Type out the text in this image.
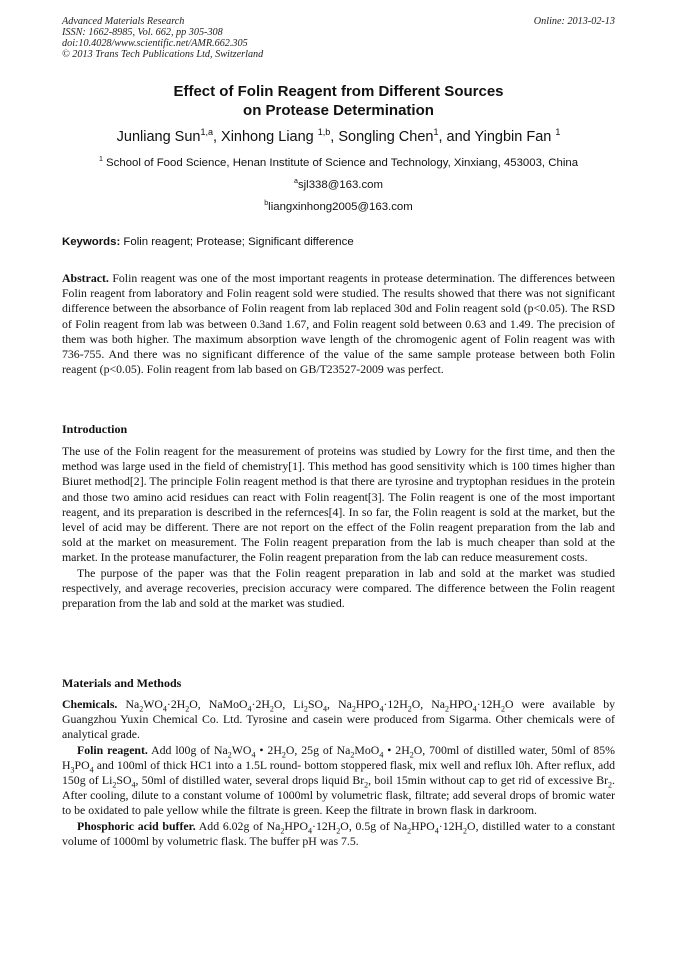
Advanced Materials Research
ISSN: 1662-8985, Vol. 662, pp 305-308
doi:10.4028/www.scientific.net/AMR.662.305
© 2013 Trans Tech Publications Ltd, Switzerland
Online: 2013-02-13
Effect of Folin Reagent from Different Sources
on Protease Determination
Junliang Sun$^{1,a}$, Xinhong Liang $^{1,b}$, Songling Chen$^1$, and Yingbin Fan $^1$
$^1$ School of Food Science, Henan Institute of Science and Technology, Xinxiang, 453003, China
$^a$sjl338@163.com
$^b$liangxinhong2005@163.com
Keywords: Folin reagent; Protease; Significant difference
Abstract. Folin reagent was one of the most important reagents in protease determination. The differences between Folin reagent from laboratory and Folin reagent sold were studied. The results showed that there was not significant difference between the absorbance of Folin reagent from lab replaced 30d and Folin reagent sold (p<0.05). The RSD of Folin reagent from lab was between 0.3and 1.67, and Folin reagent sold between 0.63 and 1.49. The precision of them was both higher. The maximum absorption wave length of the chromogenic agent of Folin reagent was with 736-755. And there was no significant difference of the value of the same sample protease between both Folin reagent (p<0.05). Folin reagent from lab based on GB/T23527-2009 was perfect.
Introduction

The use of the Folin reagent for the measurement of proteins was studied by Lowry for the first time, and then the method was large used in the field of chemistry[1]. This method has good sensitivity which is 100 times higher than Biuret method[2]. The principle Folin reagent method is that there are tyrosine and tryptophan residues in the protein and those two amino acid residues can react with Folin reagent[3]. The Folin reagent is one of the most important reagent, and its preparation is described in the refernces[4]. In so far, the Folin reagent is sold at the market, but the level of acid may be different. There are not report on the effect of the Folin reagent preparation from the lab and sold at the market on measurement. The Folin reagent preparation from the lab is much cheaper than sold at the market. In the protease manufacturer, the Folin reagent preparation from the lab can reduce measurement costs.

The purpose of the paper was that the Folin reagent preparation in lab and sold at the market was studied respectively, and average recoveries, precision accuracy were compared. The difference between the Folin reagent preparation from the lab and sold at the market was studied.

Materials and Methods

Chemicals. $Na_2WO_4\cdot 2H_2O$, $NaMoO_4\cdot 2H_2O$, $Li_2SO_4$, $Na_2HPO_4\cdot 12H_2O$, $Na_2HPO_4\cdot 12H_2O$ were available by Guangzhou Yuxin Chemical Co. Ltd. Tyrosine and casein were produced from Sigarma. Other chemicals were of analytical grade.

Folin reagent. Add l00g of $Na_2WO_4$ • $2H_2O$, 25g of $Na_2MoO_4$ • $2H_2O$, 700ml of distilled water, 50ml of 85% $H_3PO_4$ and 100ml of thick HC1 into a 1.5L round- bottom stoppered flask, mix well and reflux l0h. After reflux, add 150g of $Li_2SO_4$, 50ml of distilled water, several drops liquid $Br_2$, boil 15min without cap to get rid of excessive $Br_2$. After cooling, dilute to a constant volume of 1000ml by volumetric flask, filtrate; add several drops of bromic water to be oxidated to pale yellow while the filtrate is green. Keep the filtrate in brown flask in darkroom.

Phosphoric acid buffer. Add 6.02g of $Na_2HPO_4\cdot 12H_2O$, 0.5g of $Na_2HPO_4\cdot 12H_2O$, distilled water to a constant volume of 1000ml by volumetric flask. The buffer pH was 7.5.
